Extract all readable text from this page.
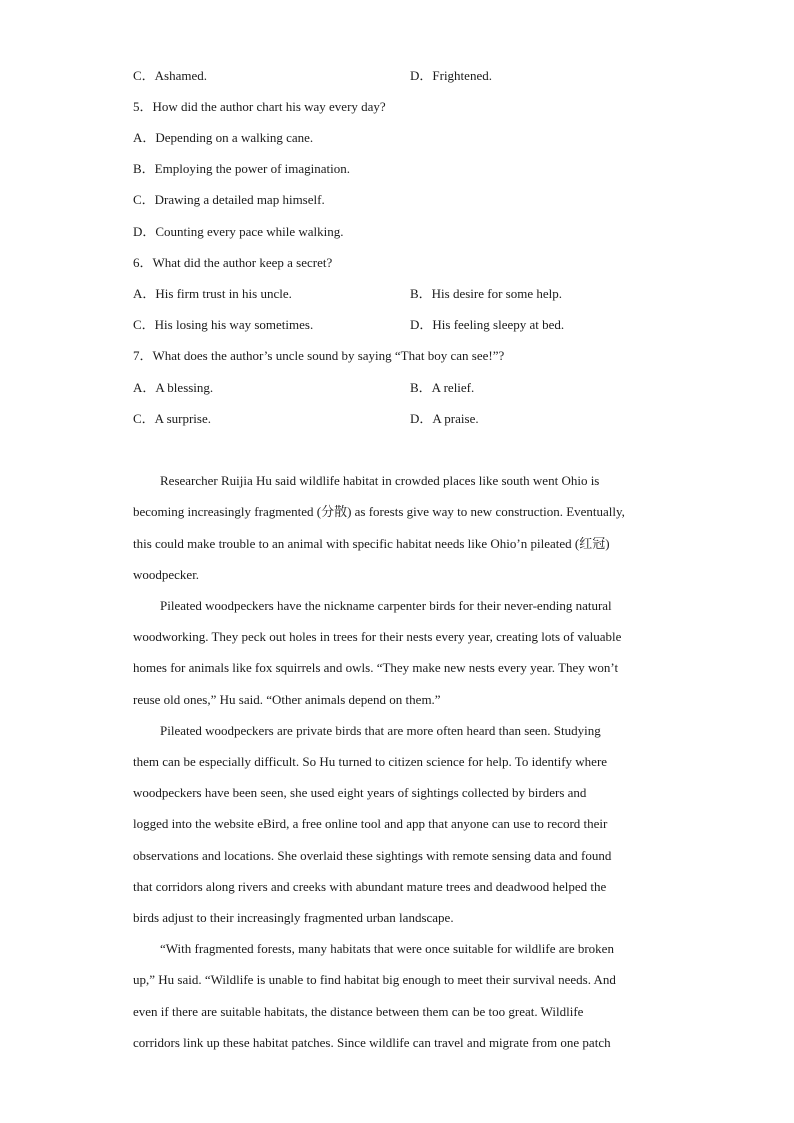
C．Ashamed.	D．Frightened.
5．How did the author chart his way every day?
A．Depending on a walking cane.
B．Employing the power of imagination.
C．Drawing a detailed map himself.
D．Counting every pace while walking.
6．What did the author keep a secret?
A．His firm trust in his uncle.	B．His desire for some help.
C．His losing his way sometimes.	D．His feeling sleepy at bed.
7．What does the author’s uncle sound by saying “That boy can see!”?
A．A blessing.	B．A relief.
C．A surprise.	D．A praise.
Researcher Ruijia Hu said wildlife habitat in crowded places like south went Ohio is
becoming increasingly fragmented (分散) as forests give way to new construction. Eventually,
this could make trouble to an animal with specific habitat needs like Ohio’n pileated (红冠)
woodpecker.
Pileated woodpeckers have the nickname carpenter birds for their never-ending natural
woodworking. They peck out holes in trees for their nests every year, creating lots of valuable
homes for animals like fox squirrels and owls. “They make new nests every year. They won’t
reuse old ones,” Hu said. “Other animals depend on them.”
Pileated woodpeckers are private birds that are more often heard than seen. Studying
them can be especially difficult. So Hu turned to citizen science for help. To identify where
woodpeckers have been seen, she used eight years of sightings collected by birders and
logged into the website eBird, a free online tool and app that anyone can use to record their
observations and locations. She overlaid these sightings with remote sensing data and found
that corridors along rivers and creeks with abundant mature trees and deadwood helped the
birds adjust to their increasingly fragmented urban landscape.
“With fragmented forests, many habitats that were once suitable for wildlife are broken
up,” Hu said. “Wildlife is unable to find habitat big enough to meet their survival needs. And
even if there are suitable habitats, the distance between them can be too great. Wildlife
corridors link up these habitat patches. Since wildlife can travel and migrate from one patch
